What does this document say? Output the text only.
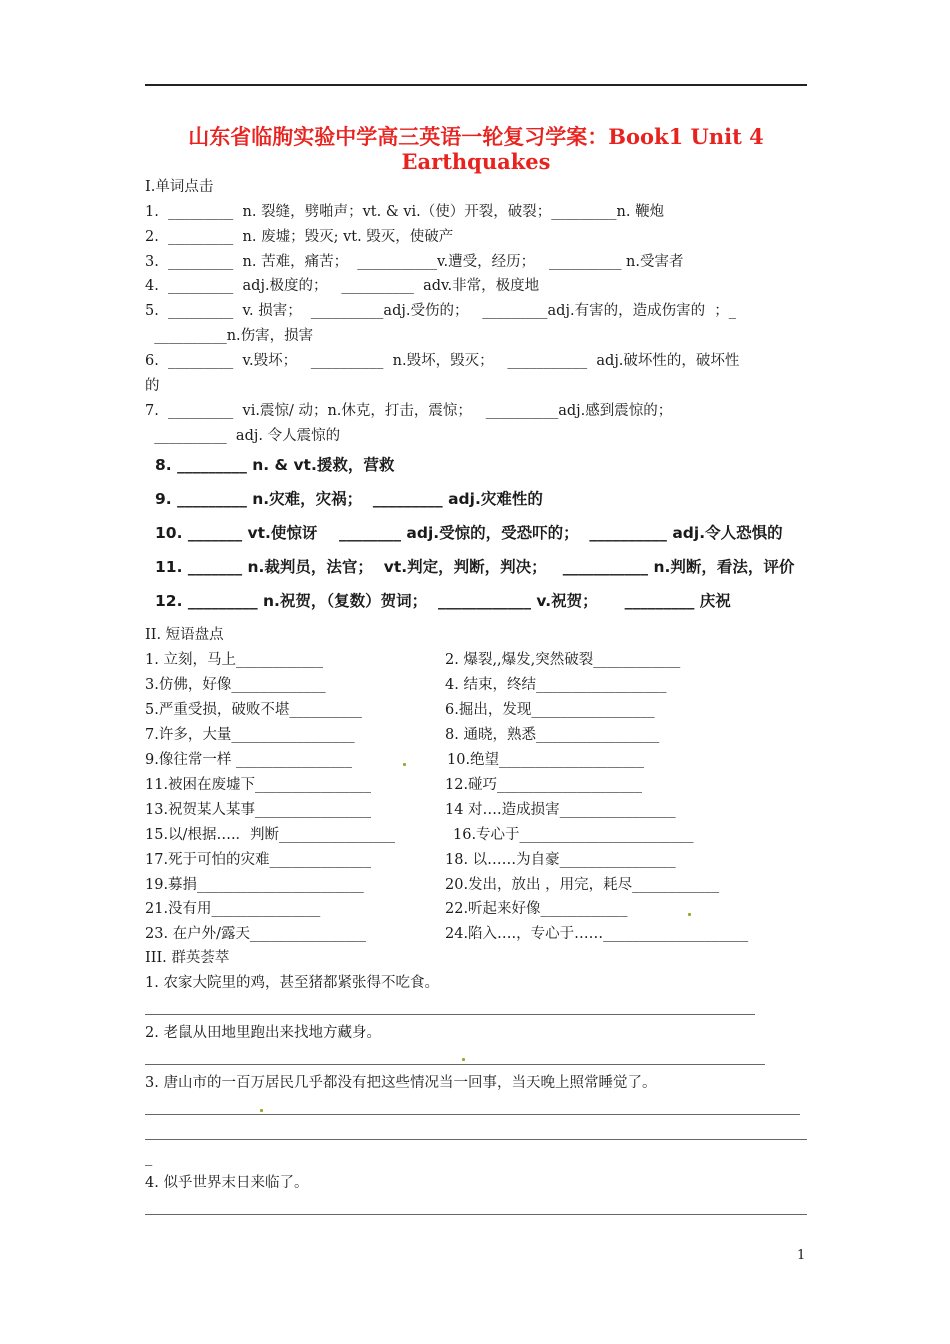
山东省临朐实验中学高三英语一轮复习学案：Book1 Unit 4
Earthquakes
I.单词点击
1.  _________  n. 裂缝，劈啪声；vt. & vi.（使）开裂，破裂；_________n. 鞭炮
2.  _________  n. 废墟；毁灭; vt. 毁灭，使破产
3.  _________  n. 苦难，痛苦；  ___________v.遭受，经历；   __________ n.受害者
4.  _________  adj.极度的；   __________  adv.非常，极度地
5.  _________  v. 损害；  __________adj.受伤的；   _________adj.有害的，造成伤害的  ；_
__________n.伤害，损害
6.  _________  v.毁坏；   __________  n.毁坏，毁灭；   ___________  adj.破坏性的，破坏性
的
7.  _________  vi.震惊/ 动；n.休克，打击，震惊；   __________adj.感到震惊的；
__________  adj. 令人震惊的
8. _________ n. & vt.援救，营救
9. _________ n.灾难，灾祸；  _________ adj.灾难性的
10. _______ vt.使惊讶    ________ adj.受惊的，受恐吓的；  __________ adj.令人恐惧的
11. _______ n.裁判员，法官；  vt.判定，判断，判决；   ___________ n.判断，看法，评价
12. _________ n.祝贺，（复数）贺词；  ____________ v.祝贺；     _________ 庆祝
II. 短语盘点
1. 立刻，马上____________
3.仿佛，好像_____________
5.严重受损，破败不堪__________
7.许多，大量_________________
9.像往常一样 ________________
11.被困在废墟下________________
13.祝贺某人某事________________
15.以/根据….．判断________________
17.死于可怕的灾难______________
19.募捐_______________________
21.没有用_______________
23. 在户外/露天________________
2. 爆裂,,爆发,突然破裂____________
4. 结束，终结__________________
6.掘出，发现_________________
8. 通晓，熟悉_________________
10.绝望____________________
12.碰巧____________________
14 对….造成损害________________
16.专心于________________________
18. 以……为自豪________________
20.发出，放出 ，用完，耗尽____________
22.听起来好像____________
24.陷入….，专心于……____________________
III. 群英荟萃
1. 农家大院里的鸡，甚至猪都紧张得不吃食。
2. 老鼠从田地里跑出来找地方藏身。
3. 唐山市的一百万居民几乎都没有把这些情况当一回事，当天晚上照常睡觉了。
_
4. 似乎世界末日来临了。
1
